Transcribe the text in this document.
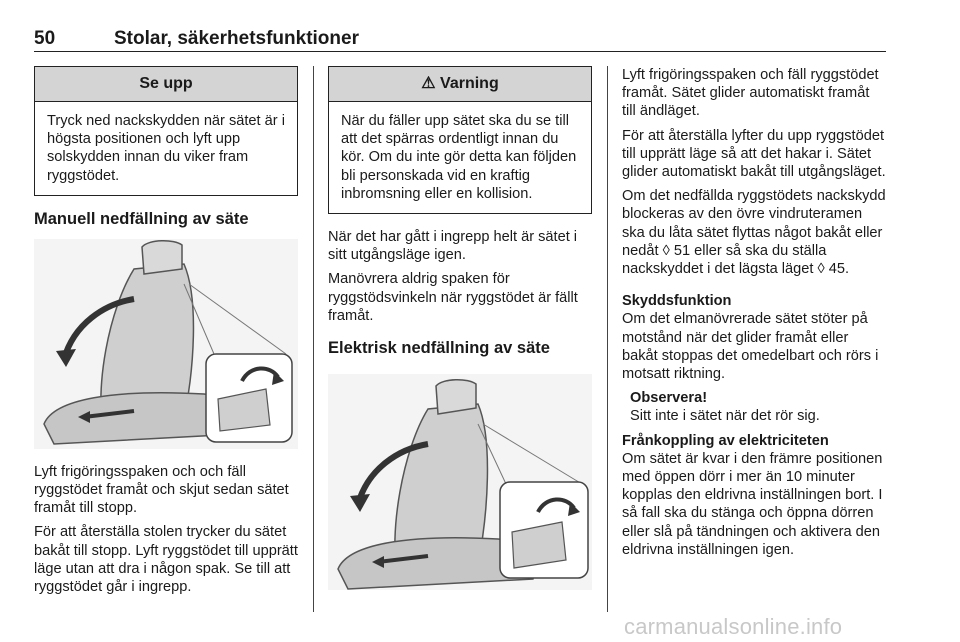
50	Stolar, säkerhetsfunktioner
Se upp

Tryck ned nackskydden när sätet är i högsta positionen och lyft upp solskydden innan du viker fram ryggstödet.

Manuell nedfällning av säte

Lyft frigöringsspaken och och fäll ryggstödet framåt och skjut sedan sätet framåt till stopp.

För att återställa stolen trycker du sätet bakåt till stopp. Lyft ryggstödet till upprätt läge utan att dra i någon spak. Se till att ryggstödet går i ingrepp.

⚠ Varning

När du fäller upp sätet ska du se till att det spärras ordentligt innan du kör. Om du inte gör detta kan följden bli personskada vid en kraftig inbromsning eller en kollision.

När det har gått i ingrepp helt är sätet i sitt utgångsläge igen.

Manövrera aldrig spaken för ryggstödsvinkeln när ryggstödet är fällt framåt.

Elektrisk nedfällning av säte

Lyft frigöringsspaken och fäll ryggstödet framåt. Sätet glider automatiskt framåt till ändläget.

För att återställa lyfter du upp ryggstödet till upprätt läge så att det hakar i. Sätet glider automatiskt bakåt till utgångsläget.

Om det nedfällda ryggstödets nackskydd blockeras av den övre vindruteramen ska du låta sätet flyttas något bakåt eller nedåt ◊ 51 eller så ska du ställa nackskyddet i det lägsta läget ◊ 45.

Skyddsfunktion

Om det elmanövrerade sätet stöter på motstånd när det glider framåt eller bakåt stoppas det omedelbart och rörs i motsatt riktning.

Observera!

Sitt inte i sätet när det rör sig.

Frånkoppling av elektriciteten

Om sätet är kvar i den främre positionen med öppen dörr i mer än 10 minuter kopplas den eldrivna inställningen bort. I så fall ska du stänga och öppna dörren eller slå på tändningen och aktivera den eldrivna inställningen igen.

carmanualsonline.info
